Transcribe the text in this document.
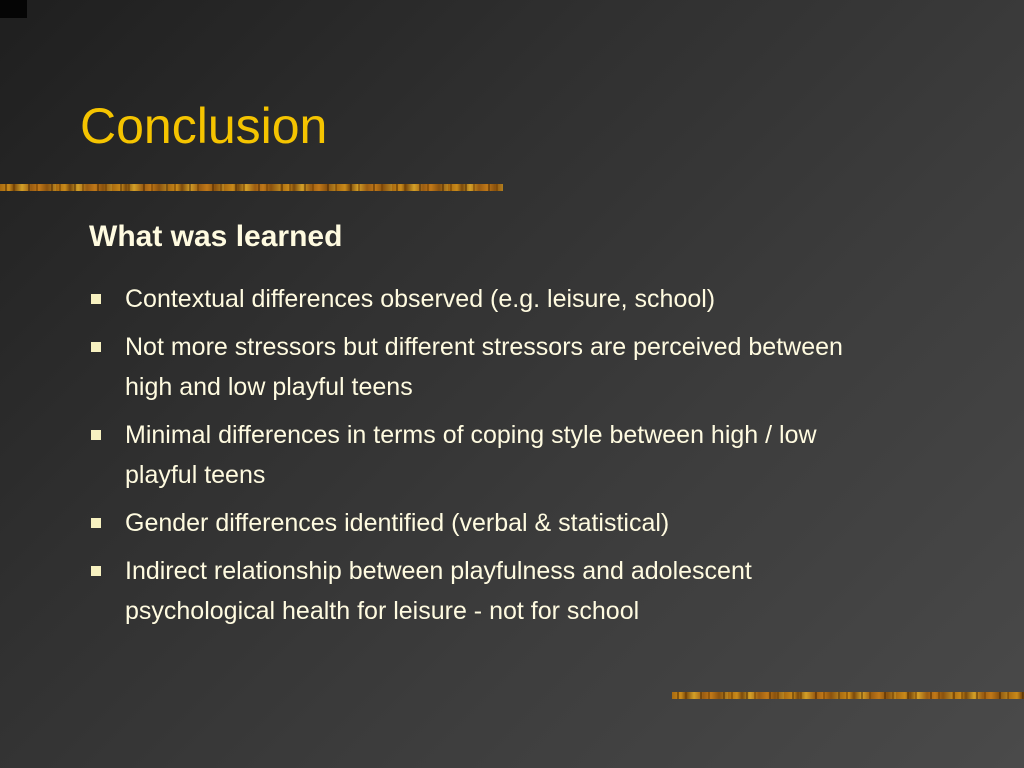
Conclusion
What was learned
Contextual differences observed (e.g. leisure, school)
Not more stressors but different stressors are perceived between high and low playful teens
Minimal differences in terms of coping style between high / low playful teens
Gender differences identified (verbal & statistical)
Indirect relationship between playfulness and adolescent psychological health for leisure - not for school
